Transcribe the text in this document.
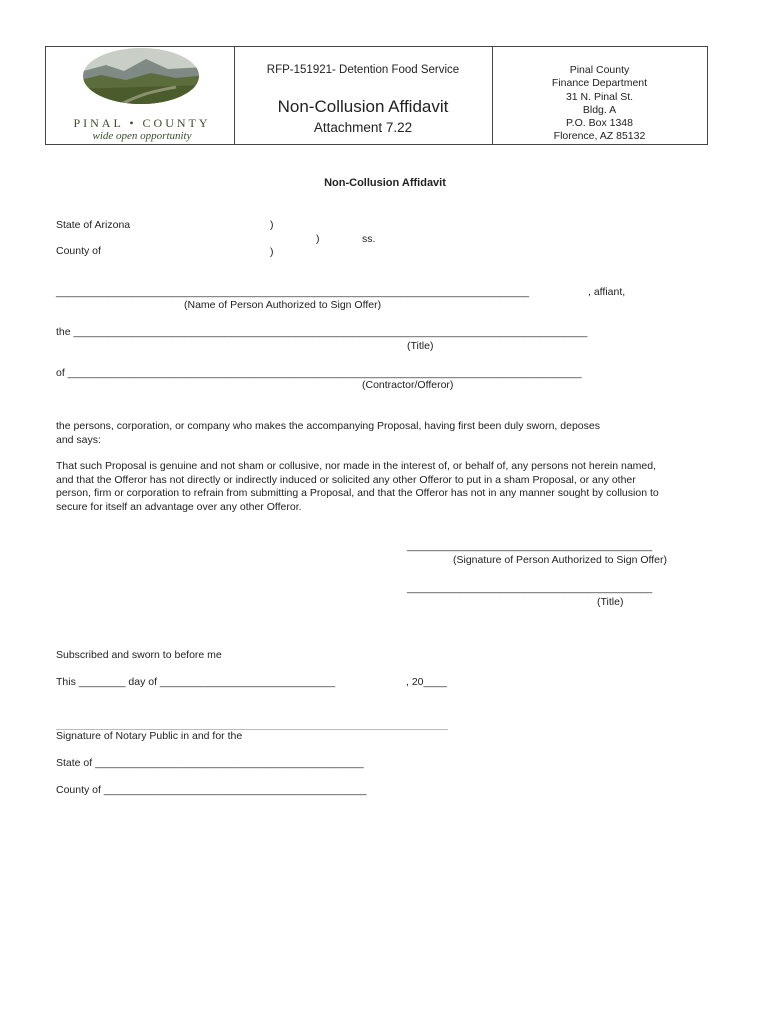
PINAL • COUNTY
wide open opportunity
RFP-151921- Detention Food Service
Non-Collusion Affidavit
Attachment 7.22
Pinal County
Finance Department
31 N. Pinal St.
Bldg. A
P.O. Box 1348
Florence, AZ 85132
Non-Collusion Affidavit
State of Arizona	)
)	ss.
County of	)
_________________________________________________________________________________	, affiant,
(Name of Person Authorized to Sign Offer)
the ________________________________________________________________________________________
(Title)
of ________________________________________________________________________________________
(Contractor/Offeror)
the persons, corporation, or company who makes the accompanying Proposal, having first been duly sworn, deposes
and says:
That such Proposal is genuine and not sham or collusive, nor made in the interest of, or behalf of, any persons not herein named,
and that the Offeror has not directly or indirectly induced or solicited any other Offeror to put in a sham Proposal, or any other
person, firm or corporation to refrain from submitting a Proposal, and that the Offeror has not in any manner sought by collusion to
secure for itself an advantage over any other Offeror.
__________________________________________
(Signature of Person Authorized to Sign Offer)
__________________________________________
(Title)
Subscribed and sworn to before me
This ________ day of ______________________________	, 20____
Signature of Notary Public in and for the
State of ______________________________________________
County of _____________________________________________
